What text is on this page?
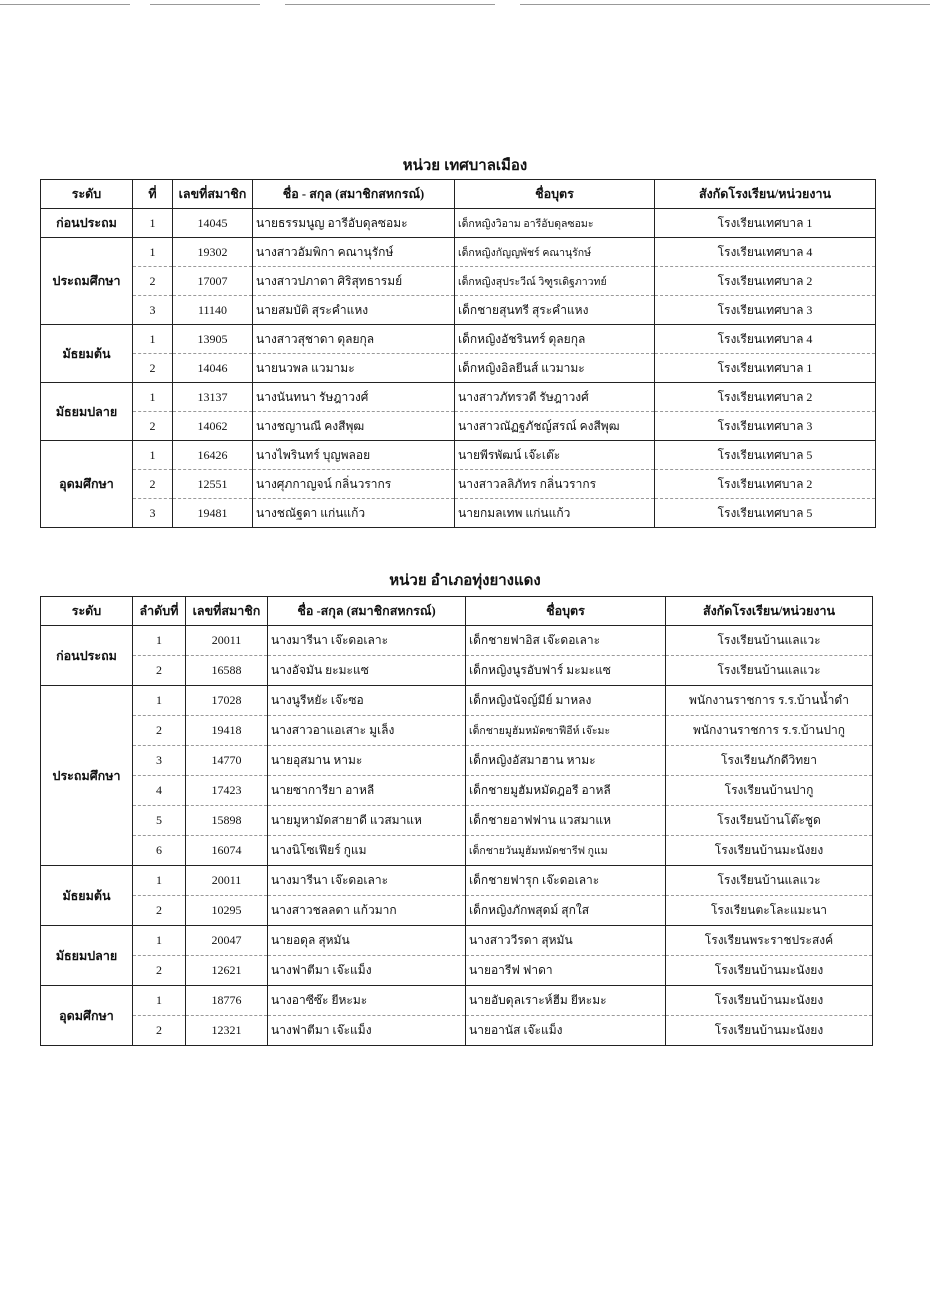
หน่วย เทศบาลเมือง
ระดับ	ที่	เลขที่สมาชิก	ชื่อ - สกุล (สมาชิกสหกรณ์)	ชื่อบุตร	สังกัดโรงเรียน/หน่วยงาน
ก่อนประถม	1	14045	นายธรรมนูญ อารีอับดุลซอมะ	เด็กหญิงวิอาม อารีอับดุลซอมะ	โรงเรียนเทศบาล 1
ประถมศึกษา	1	19302	นางสาวอัมพิกา คณานุรักษ์	เด็กหญิงกัญญพัชร์ คณานุรักษ์	โรงเรียนเทศบาล 4
	2	17007	นางสาวปภาดา ศิริสุทธารมย์	เด็กหญิงสุประวีณ์ วิฑูรเดิฐภาวทย์	โรงเรียนเทศบาล 2
	3	11140	นายสมบัติ สุระคำแหง	เด็กชายสุนทรี สุระคำแหง	โรงเรียนเทศบาล 3
มัธยมต้น	1	13905	นางสาวสุชาดา ดุลยกุล	เด็กหญิงอัชรินทร์ ดุลยกุล	โรงเรียนเทศบาล 4
	2	14046	นายนวพล แวมามะ	เด็กหญิงอิลยีนส์ แวมามะ	โรงเรียนเทศบาล 1
มัธยมปลาย	1	13137	นางนันทนา รัษฎาวงศ์	นางสาวภัทรวดี รัษฎาวงศ์	โรงเรียนเทศบาล 2
	2	14062	นางชญานณี คงสีพุฒ	นางสาวณัฏฐภัชญ์สรณ์ คงสีพุฒ	โรงเรียนเทศบาล 3
อุดมศึกษา	1	16426	นางไพรินทร์ บุญพลอย	นายพีรพัฒน์ เจ๊ะเต๊ะ	โรงเรียนเทศบาล 5
	2	12551	นางศุภกาญจน์ กลิ่นวรากร	นางสาวลลิภัทร กลิ่นวรากร	โรงเรียนเทศบาล 2
	3	19481	นางชณัฐดา แก่นแก้ว	นายกมลเทพ แก่นแก้ว	โรงเรียนเทศบาล 5
หน่วย อำเภอทุ่งยางแดง
ระดับ	ลำดับที่	เลขที่สมาชิก	ชื่อ -สกุล (สมาชิกสหกรณ์)	ชื่อบุตร	สังกัดโรงเรียน/หน่วยงาน
ก่อนประถม	1	20011	นางมารีนา เจ๊ะดอเลาะ	เด็กชายฟาอิส เจ๊ะดอเลาะ	โรงเรียนบ้านแลแวะ
	2	16588	นางอัจมัน ยะมะแซ	เด็กหญิงนูรอับฟาร์ มะมะแซ	โรงเรียนบ้านแลแวะ
ประถมศึกษา	1	17028	นางนูรีหยัะ เจ๊ะซอ	เด็กหญิงนัจญ์มีย์ มาหลง	พนักงานราชการ ร.ร.บ้านน้ำดำ
	2	19418	นางสาวอาแอเสาะ มูเล็ง	เด็กชายมูฮัมหมัดซาฟีอีห์ เจ๊ะมะ	พนักงานราชการ ร.ร.บ้านปากู
	3	14770	นายอุสมาน หามะ	เด็กหญิงอัสมาฮาน หามะ	โรงเรียนภักดีวิทยา
	4	17423	นายซาการียา อาหลี	เด็กชายมูฮัมหมัดฎอรี อาหลี	โรงเรียนบ้านปากู
	5	15898	นายมูหามัดสายาดี แวสมาแห	เด็กชายอาฟฟาน แวสมาแห	โรงเรียนบ้านโต๊ะชูด
	6	16074	นางนิโซเฟียร์ กูแม	เด็กชายวันมูฮัมหมัดชารีฟ กูแม	โรงเรียนบ้านมะนังยง
มัธยมต้น	1	20011	นางมารีนา เจ๊ะดอเลาะ	เด็กชายฟารุก เจ๊ะดอเลาะ	โรงเรียนบ้านแลแวะ
	2	10295	นางสาวชลลดา แก้วมาก	เด็กหญิงภักพสุดม์ สุกใส	โรงเรียนตะโละแมะนา
มัธยมปลาย	1	20047	นายอดุล สุหมัน	นางสาววีรดา สุหมัน	โรงเรียนพระราชประสงค์
	2	12621	นางฟาตีมา เจ๊ะแม็ง	นายอารีฟ ฟาดา	โรงเรียนบ้านมะนังยง
อุดมศึกษา	1	18776	นางอาซีซ๊ะ ยีหะมะ	นายอับดุลเราะห์ฮีม ยีหะมะ	โรงเรียนบ้านมะนังยง
	2	12321	นางฟาตีมา เจ๊ะแม็ง	นายอานัส เจ๊ะแม็ง	โรงเรียนบ้านมะนังยง
